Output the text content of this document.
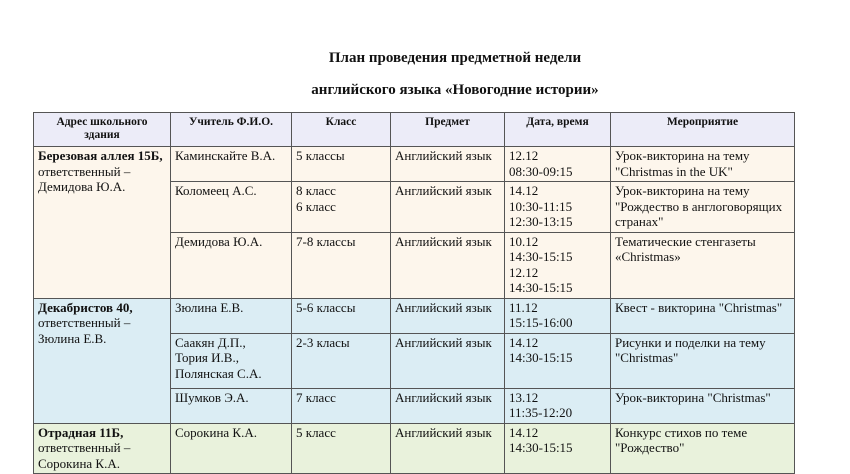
План проведения предметной недели
английского языка «Новогодние истории»
Адрес школьного здания	Учитель Ф.И.О.	Класс	Предмет	Дата, время	Мероприятие
Березовая аллея 15Б,
ответственный – Демидова Ю.А.	Каминскайте В.А.	5 классы	Английский язык	12.12
08:30-09:15	Урок-викторина на тему "Christmas in the UK"
	Коломеец А.С.	8 класс
6 класс	Английский язык	14.12
10:30-11:15
12:30-13:15	Урок-викторина на тему "Рождество в англоговорящих странах"
	Демидова Ю.А.	7-8 классы	Английский язык	10.12
14:30-15:15
12.12
14:30-15:15	Тематические стенгазеты «Christmas»
Декабристов 40,
ответственный – Зюлина Е.В.	Зюлина Е.В.	5-6 классы	Английский язык	11.12
15:15-16:00	Квест - викторина "Christmas"
	Саакян Д.П.,
Тория И.В.,
Полянская С.А.	2-3 класы	Английский язык	14.12
14:30-15:15	Рисунки и поделки на тему "Christmas"
	Шумков Э.А.	7 класс	Английский язык	13.12
11:35-12:20	Урок-викторина "Christmas"
Отрадная 11Б,
ответственный – Сорокина К.А.	Сорокина К.А.	5 класс	Английский язык	14.12
14:30-15:15	Конкурс стихов по теме "Рождество"
